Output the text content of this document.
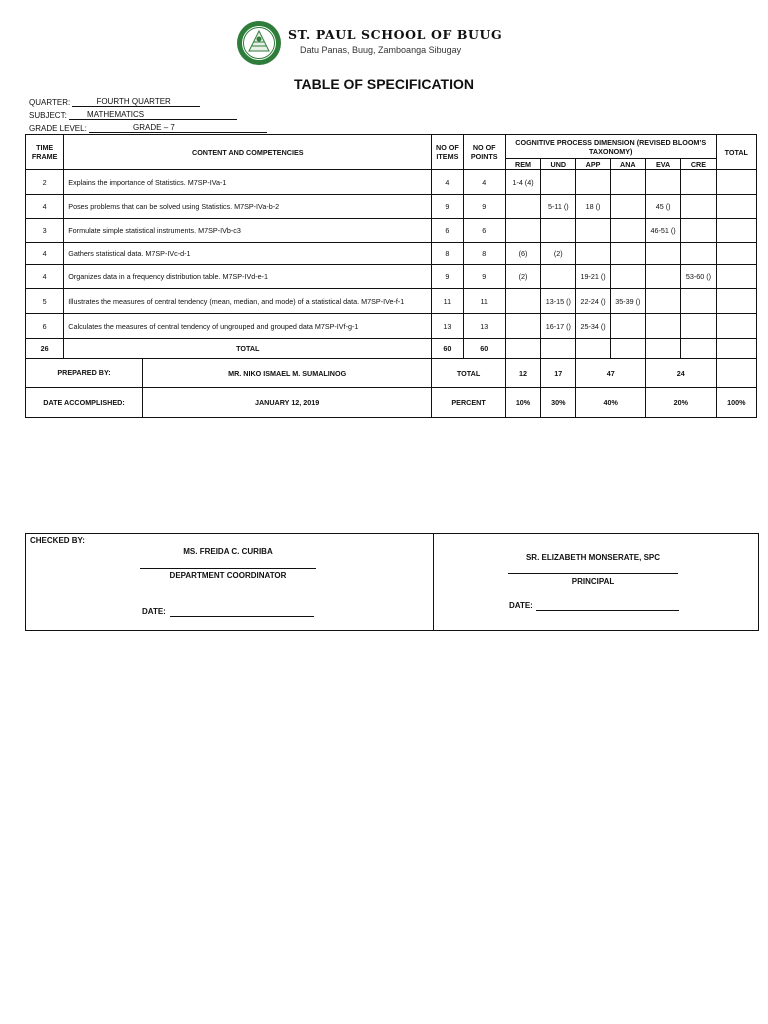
ST. PAUL SCHOOL OF BUUG
Datu Panas, Buug, Zamboanga Sibugay
TABLE OF SPECIFICATION
QUARTER:	FOURTH QUARTER
SUBJECT:	MATHEMATICS
GRADE LEVEL:	GRADE – 7
TIME FRAME	CONTENT AND COMPETENCIES	NO OF ITEMS	NO OF POINTS	COGNITIVE PROCESS DIMENSION (REVISED BLOOM’S TAXONOMY)						TOTAL
				REM	UND	APP	ANA	EVA	CRE	
2	Explains the importance of Statistics. M7SP-IVa-1	4	4	1-4 (4)						
4	Poses problems that can be solved using Statistics. M7SP-IVa-b-2	9	9		5-11 ()	18 ()		45 ()		
3	Formulate simple statistical instruments. M7SP-IVb-c3	6	6					46-51 ()		
4	Gathers statistical data. M7SP-IVc-d-1	8	8	(6)	(2)					
4	Organizes data in a frequency distribution table. M7SP-IVd-e-1	9	9	(2)		19-21 ()			53-60 ()	
5	Illustrates the measures of central tendency (mean, median, and mode) of a statistical data. M7SP-IVe-f-1	11	11		13-15 ()	22-24 ()	35-39 ()			
6	Calculates the measures of central tendency of ungrouped and grouped data M7SP-IVf-g-1	13	13		16-17 ()	25-34 ()				
26	TOTAL	60	60							

PREPARED BY: MR. NIKO ISMAEL M. SUMALINOG		TOTAL		12	17	47		24		

DATE ACCOMPLISHED: JANUARY 12, 2019		PERCENT		10%	30%	40%		20%		100%
CHECKED BY:
MS. FREIDA C. CURIBA
DEPARTMENT COORDINATOR
DATE:
SR. ELIZABETH MONSERATE, SPC
PRINCIPAL
DATE:
